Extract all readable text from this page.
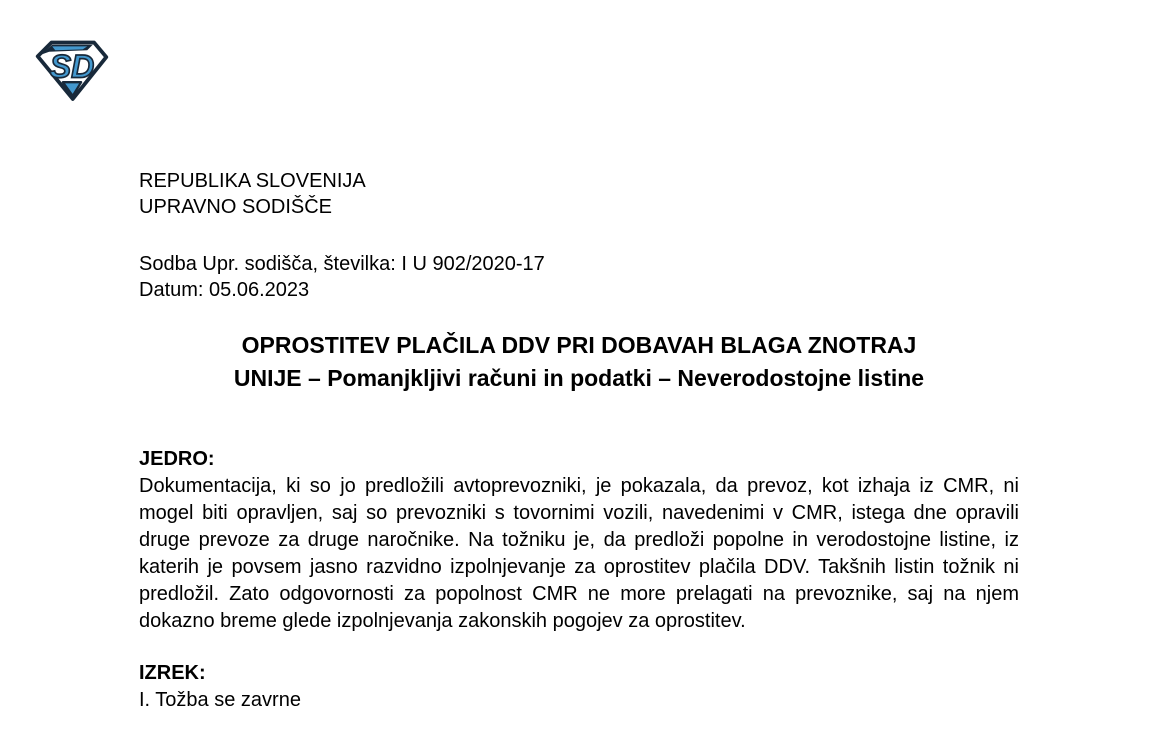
SD
REPUBLIKA SLOVENIJA
UPRAVNO SODIŠČE
Sodba Upr. sodišča, številka: I U 902/2020-17
Datum: 05.06.2023
OPROSTITEV PLAČILA DDV PRI DOBAVAH BLAGA ZNOTRAJ
UNIJE – Pomanjkljivi računi in podatki – Neverodostojne listine
JEDRO:

Dokumentacija, ki so jo predložili avtoprevozniki, je pokazala, da prevoz, kot izhaja iz CMR, ni mogel biti opravljen, saj so prevozniki s tovornimi vozili, navedenimi v CMR, istega dne opravili druge prevoze za druge naročnike. Na tožniku je, da predloži popolne in verodostojne listine, iz katerih je povsem jasno razvidno izpolnjevanje za oprostitev plačila DDV. Takšnih listin tožnik ni predložil. Zato odgovornosti za popolnost CMR ne more prelagati na prevoznike, saj na njem dokazno breme glede izpolnjevanja zakonskih pogojev za oprostitev.

IZREK:
I. Tožba se zavrne
